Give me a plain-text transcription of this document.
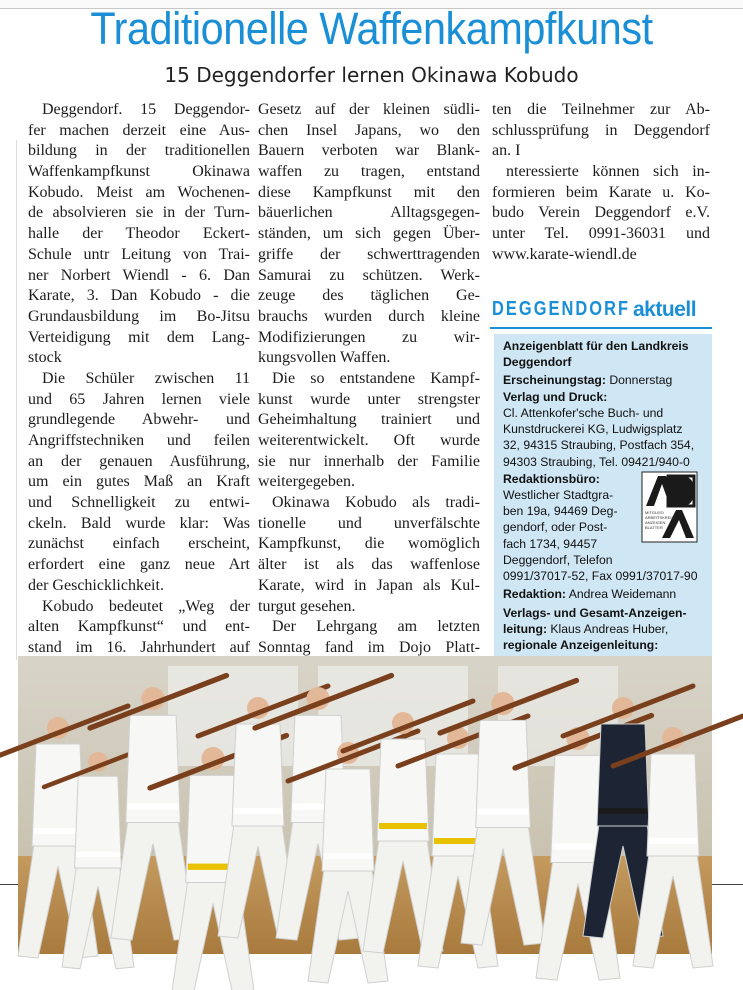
Traditionelle Waffenkampfkunst
15 Deggendorfer lernen Okinawa Kobudo
Deggendorf. 15 Deggendor-
fer machen derzeit eine Aus-
bildung in der traditionellen
Waffenkampfkunst Okinawa
Kobudo. Meist am Wochenen-
de absolvieren sie in der Turn-
halle der Theodor Eckert-
Schule untr Leitung von Trai-
ner Norbert Wiendl - 6. Dan
Karate, 3. Dan Kobudo - die
Grundausbildung im Bo-Jitsu
Verteidigung mit dem Lang-
stock
Die Schüler zwischen 11
und 65 Jahren lernen viele
grundlegende Abwehr- und
Angriffstechniken und feilen
an der genauen Ausführung,
um ein gutes Maß an Kraft
und Schnelligkeit zu entwi-
ckeln. Bald wurde klar: Was
zunächst einfach erscheint,
erfordert eine ganz neue Art
der Geschicklichkeit.
Kobudo bedeutet „Weg der
alten Kampfkunst“ und ent-
stand im 16. Jahrhundert auf
Gesetz auf der kleinen südli-
chen Insel Japans, wo den
Bauern verboten war Blank-
waffen zu tragen, entstand
diese Kampfkunst mit den
bäuerlichen Alltagsgegen-
ständen, um sich gegen Über-
griffe der schwerttragenden
Samurai zu schützen. Werk-
zeuge des täglichen Ge-
brauchs wurden durch kleine
Modifizierungen zu wir-
kungsvollen Waffen.
Die so entstandene Kampf-
kunst wurde unter strengster
Geheimhaltung trainiert und
weiterentwickelt. Oft wurde
sie nur innerhalb der Familie
weitergegeben.
Okinawa Kobudo als tradi-
tionelle und unverfälschte
Kampfkunst, die womöglich
älter ist als das waffenlose
Karate, wird in Japan als Kul-
turgut gesehen.
Der Lehrgang am letzten
Sonntag fand im Dojo Platt-
ten die Teilnehmer zur Ab-
schlussprüfung in Deggendorf
an. I
nteressierte können sich in-
formieren beim Karate u. Ko-
budo Verein Deggendorf e.V.
unter Tel. 0991-36031 und
www.karate-wiendl.de
DEGGENDORF aktuell
Anzeigenblatt für den Landkreis Deggendorf
Erscheinungstag: Donnerstag
Verlag und Druck:
Cl. Attenkofer'sche Buch- und
Kunstdruckerei KG, Ludwigsplatz
32, 94315 Straubing, Postfach 354,
94303 Straubing, Tel. 09421/940-0
Redaktionsbüro:
Westlicher Stadtgra-
ben 19a, 94469 Deg-
gendorf, oder Post-
fach 1734, 94457
Deggendorf, Telefon
0991/37017-52, Fax 0991/37017-90
Redaktion: Andrea Weidemann
Verlags- und Gesamt-Anzeigen-
leitung: Klaus Andreas Huber,
regionale Anzeigenleitung:
MITGLIED
ARBEITSKREIS
ANZEIGEN
BLATTER
